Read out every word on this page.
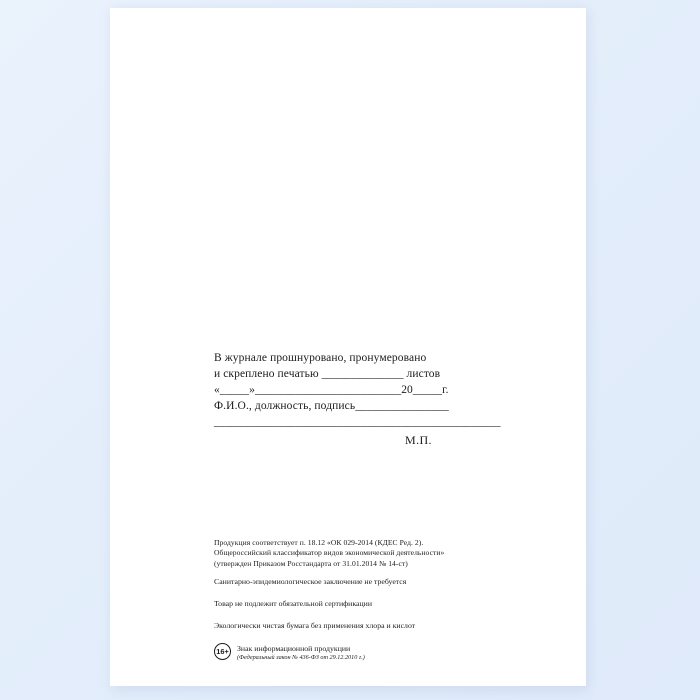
В журнале прошнуровано, пронумеровано
и скреплено печатью ______________ листов
«_____»_________________________20_____г.
Ф.И.О., должность, подпись________________
_________________________________________________
М.П.
Продукция соответствует п. 18.12 «ОК 029-2014 (КДЕС Ред. 2).
Общероссийский классификатор видов экономической деятельности»
(утвержден Приказом Росстандарта от 31.01.2014 № 14-ст)
Санитарно-эпидемиологическое заключение не требуется
Товар не подлежит обязательной сертификации
Экологически чистая бумага без применения хлора и кислот
16+ Знак информационной продукции
(Федеральный закон № 436-ФЗ от 29.12.2010 г.)
